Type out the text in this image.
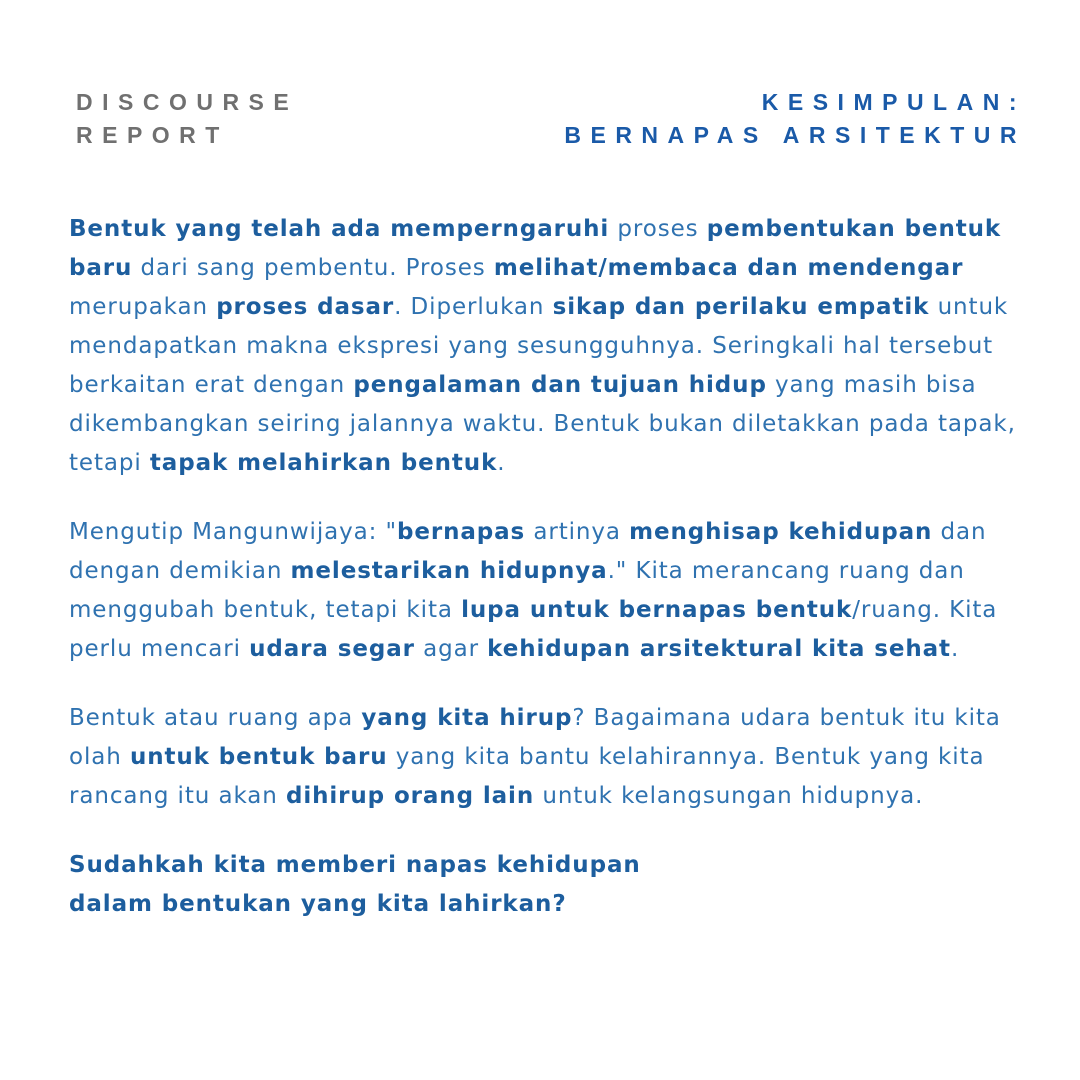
DISCOURSE
REPORT
KESIMPULAN:
BERNAPAS ARSITEKTUR

Bentuk yang telah ada memperngaruhi proses pembentukan bentuk baru dari sang pembentu. Proses melihat/membaca dan mendengar merupakan proses dasar. Diperlukan sikap dan perilaku empatik untuk mendapatkan makna ekspresi yang sesungguhnya. Seringkali hal tersebut berkaitan erat dengan pengalaman dan tujuan hidup yang masih bisa dikembangkan seiring jalannya waktu. Bentuk bukan diletakkan pada tapak, tetapi tapak melahirkan bentuk.

Mengutip Mangunwijaya: "bernapas artinya menghisap kehidupan dan dengan demikian melestarikan hidupnya." Kita merancang ruang dan menggubah bentuk, tetapi kita lupa untuk bernapas bentuk/ruang. Kita perlu mencari udara segar agar kehidupan arsitektural kita sehat.

Bentuk atau ruang apa yang kita hirup? Bagaimana udara bentuk itu kita olah untuk bentuk baru yang kita bantu kelahirannya. Bentuk yang kita rancang itu akan dihirup orang lain untuk kelangsungan hidupnya.

Sudahkah kita memberi napas kehidupan
dalam bentukan yang kita lahirkan?
